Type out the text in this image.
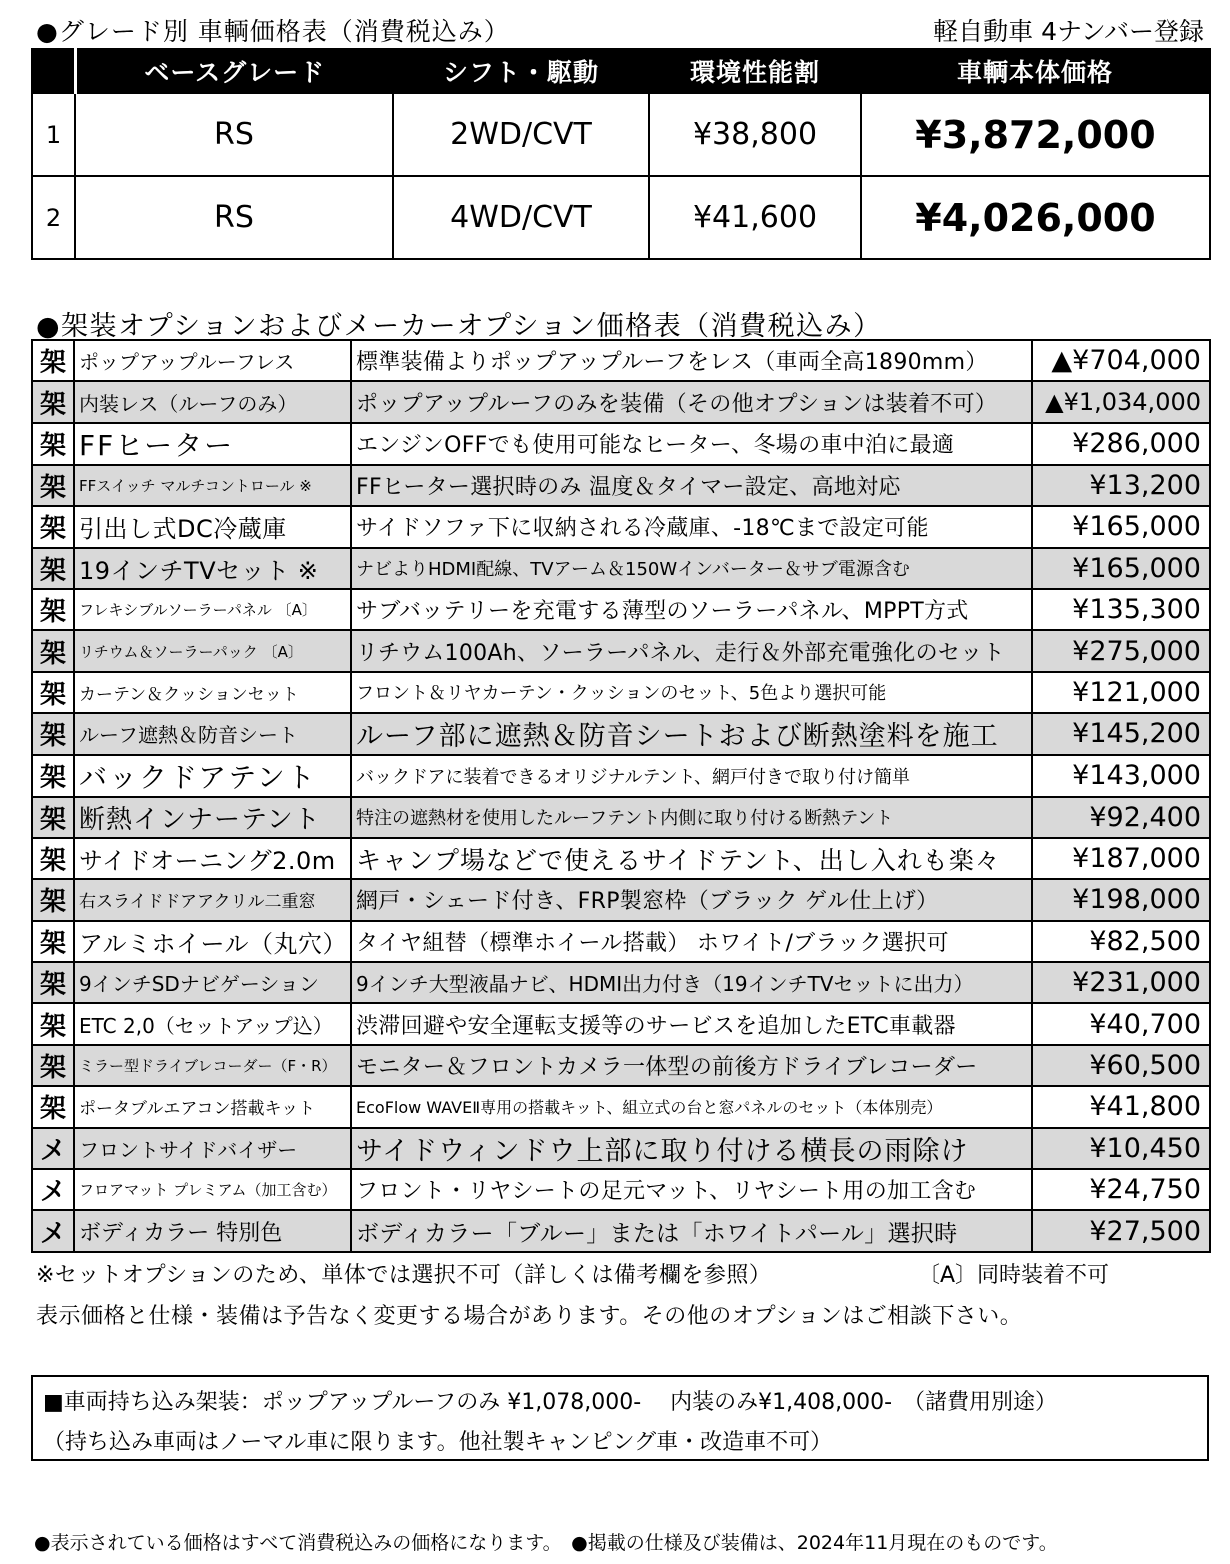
●グレード別 車輌価格表（消費税込み）	軽自動車 4ナンバー登録
	ベースグレード	シフト・駆動	環境性能割	車輌本体価格
1	RS	2WD/CVT	¥38,800	¥3,872,000
2	RS	4WD/CVT	¥41,600	¥4,026,000
●架装オプションおよびメーカーオプション価格表（消費税込み）
架	ポップアップルーフレス	標準装備よりポップアップルーフをレス（車両全高1890mm）	▲¥704,000
架	内装レス（ルーフのみ）	ポップアップルーフのみを装備（その他オプションは装着不可）	▲¥1,034,000
架	FFヒーター	エンジンOFFでも使用可能なヒーター、冬場の車中泊に最適	¥286,000
架	FFスイッチ マルチコントロール ※	FFヒーター選択時のみ 温度＆タイマー設定、高地対応	¥13,200
架	引出し式DC冷蔵庫	サイドソファ下に収納される冷蔵庫、-18℃まで設定可能	¥165,000
架	19インチTVセット ※	ナビよりHDMI配線、TVアーム＆150Wインバーター＆サブ電源含む	¥165,000
架	フレキシブルソーラーパネル 〔A〕	サブバッテリーを充電する薄型のソーラーパネル、MPPT方式	¥135,300
架	リチウム＆ソーラーパック 〔A〕	リチウム100Ah、ソーラーパネル、走行＆外部充電強化のセット	¥275,000
架	カーテン＆クッションセット	フロント＆リヤカーテン・クッションのセット、5色より選択可能	¥121,000
架	ルーフ遮熱＆防音シート	ルーフ部に遮熱＆防音シートおよび断熱塗料を施工	¥145,200
架	バックドアテント	バックドアに装着できるオリジナルテント、網戸付きで取り付け簡単	¥143,000
架	断熱インナーテント	特注の遮熱材を使用したルーフテント内側に取り付ける断熱テント	¥92,400
架	サイドオーニング2.0m	キャンプ場などで使えるサイドテント、出し入れも楽々	¥187,000
架	右スライドドアアクリル二重窓	網戸・シェード付き、FRP製窓枠（ブラック ゲル仕上げ）	¥198,000
架	アルミホイール（丸穴）	タイヤ組替（標準ホイール搭載） ホワイト/ブラック選択可	¥82,500
架	9インチSDナビゲーション	9インチ大型液晶ナビ、HDMI出力付き（19インチTVセットに出力）	¥231,000
架	ETC 2,0（セットアップ込）	渋滞回避や安全運転支援等のサービスを追加したETC車載器	¥40,700
架	ミラー型ドライブレコーダー（F・R）	モニター＆フロントカメラ一体型の前後方ドライブレコーダー	¥60,500
架	ポータブルエアコン搭載キット	EcoFlow WAVEⅡ専用の搭載キット、組立式の台と窓パネルのセット（本体別売）	¥41,800
メ	フロントサイドバイザー	サイドウィンドウ上部に取り付ける横長の雨除け	¥10,450
メ	フロアマット プレミアム（加工含む）	フロント・リヤシートの足元マット、リヤシート用の加工含む	¥24,750
メ	ボディカラー 特別色	ボディカラー「ブルー」または「ホワイトパール」選択時	¥27,500
※セットオプションのため、単体では選択不可（詳しくは備考欄を参照）	〔A〕同時装着不可
表示価格と仕様・装備は予告なく変更する場合があります。その他のオプションはご相談下さい。
■車両持ち込み架装：ポップアップルーフのみ ¥1,078,000-　 内装のみ¥1,408,000-　（諸費用別途）
（持ち込み車両はノーマル車に限ります。他社製キャンピング車・改造車不可）
●表示されている価格はすべて消費税込みの価格になります。　●掲載の仕様及び装備は、2024年11月現在のものです。
